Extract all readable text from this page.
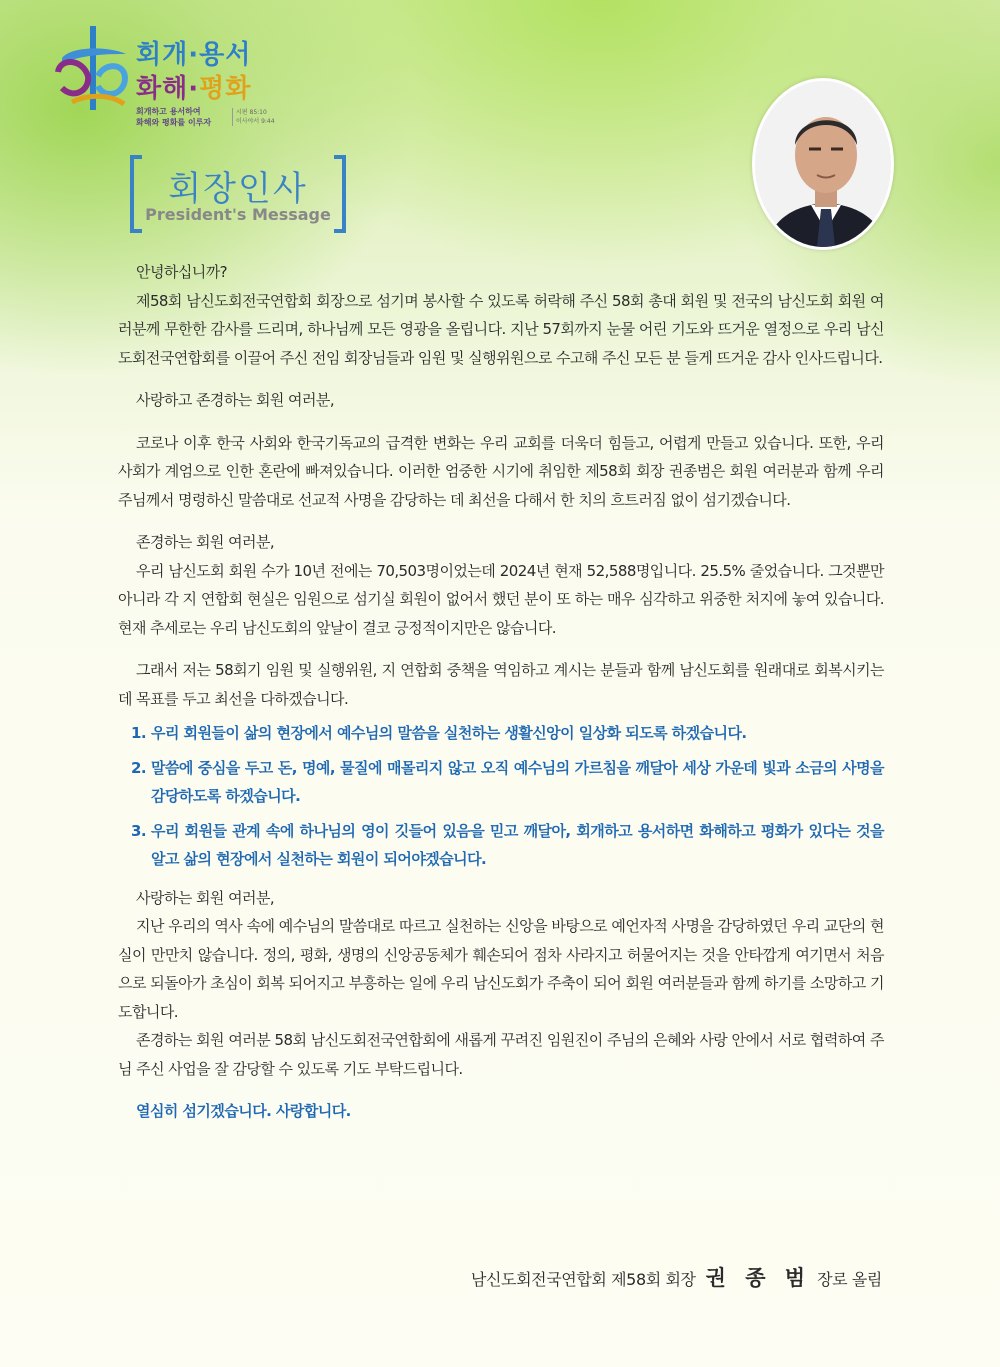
회개·용서
화해·평화
회개하고 용서하여
화해와 평화를 이루자
시편 85:10
이사야서 9:44
회장인사
President's Message
안녕하십니까?
제58회 남신도회전국연합회 회장으로 섬기며 봉사할 수 있도록 허락해 주신 58회 총대 회원 및 전국의 남신도회 회원 여러분께 무한한 감사를 드리며, 하나님께 모든 영광을 올립니다. 지난 57회까지 눈물 어린 기도와 뜨거운 열정으로 우리 남신도회전국연합회를 이끌어 주신 전임 회장님들과 임원 및 실행위원으로 수고해 주신 모든 분 들게 뜨거운 감사 인사드립니다.
사랑하고 존경하는 회원 여러분,
코로나 이후 한국 사회와 한국기독교의 급격한 변화는 우리 교회를 더욱더 힘들고, 어렵게 만들고 있습니다. 또한, 우리 사회가 계엄으로 인한 혼란에 빠져있습니다. 이러한 엄중한 시기에 취임한 제58회 회장 권종범은 회원 여러분과 함께 우리 주님께서 명령하신 말씀대로 선교적 사명을 감당하는 데 최선을 다해서 한 치의 흐트러짐 없이 섬기겠습니다.
존경하는 회원 여러분,
우리 남신도회 회원 수가 10년 전에는 70,503명이었는데 2024년 현재 52,588명입니다. 25.5% 줄었습니다. 그것뿐만 아니라 각 지 연합회 현실은 임원으로 섬기실 회원이 없어서 했던 분이 또 하는 매우 심각하고 위중한 처지에 놓여 있습니다. 현재 추세로는 우리 남신도회의 앞날이 결코 긍정적이지만은 않습니다.
그래서 저는 58회기 임원 및 실행위원, 지 연합회 중책을 역임하고 계시는 분들과 함께 남신도회를 원래대로 회복시키는데 목표를 두고 최선을 다하겠습니다.
1. 우리 회원들이 삶의 현장에서 예수님의 말씀을 실천하는 생활신앙이 일상화 되도록 하겠습니다.
2. 말씀에 중심을 두고 돈, 명예, 물질에 매몰리지 않고 오직 예수님의 가르침을 깨달아 세상 가운데 빛과 소금의 사명을 감당하도록 하겠습니다.
3. 우리 회원들 관계 속에 하나님의 영이 깃들어 있음을 믿고 깨달아, 회개하고 용서하면 화해하고 평화가 있다는 것을 알고 삶의 현장에서 실천하는 회원이 되어야겠습니다.
사랑하는 회원 여러분,
지난 우리의 역사 속에 예수님의 말씀대로 따르고 실천하는 신앙을 바탕으로 예언자적 사명을 감당하였던 우리 교단의 현실이 만만치 않습니다. 정의, 평화, 생명의 신앙공동체가 훼손되어 점차 사라지고 허물어지는 것을 안타깝게 여기면서 처음으로 되돌아가 초심이 회복 되어지고 부흥하는 일에 우리 남신도회가 주축이 되어 회원 여러분들과 함께 하기를 소망하고 기도합니다.
존경하는 회원 여러분 58회 남신도회전국연합회에 새롭게 꾸려진 임원진이 주님의 은혜와 사랑 안에서 서로 협력하여 주님 주신 사업을 잘 감당할 수 있도록 기도 부탁드립니다.
열심히 섬기겠습니다. 사랑합니다.
남신도회전국연합회 제58회 회장 권 종 범 장로 올림
